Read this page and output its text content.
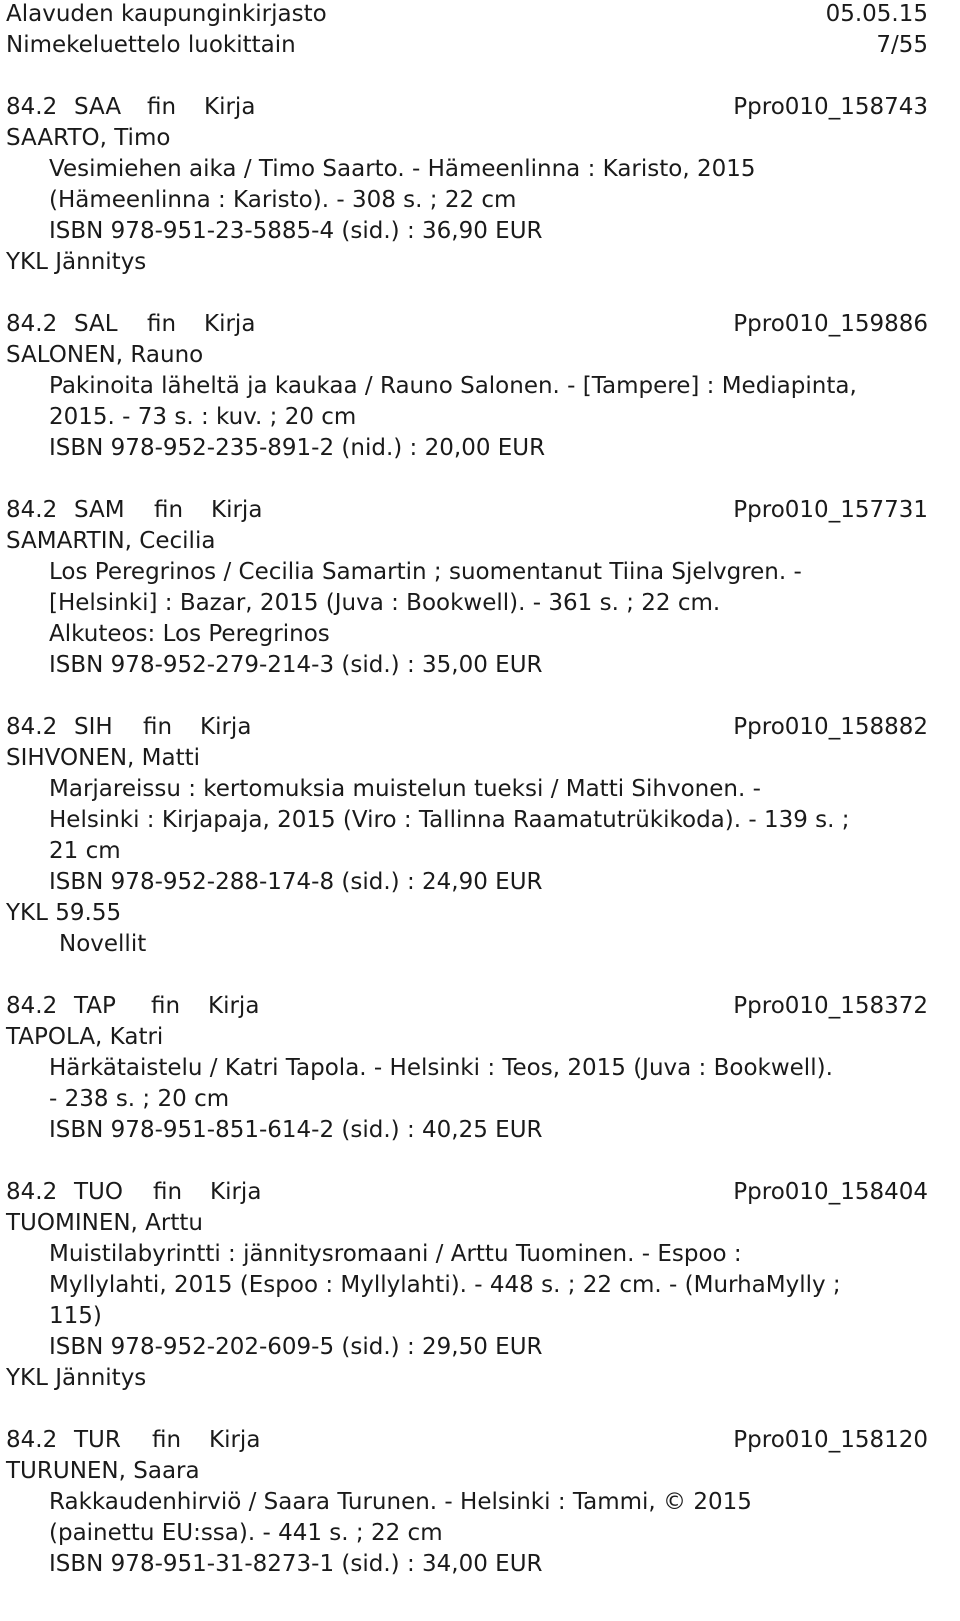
Alavuden kaupunginkirjasto	05.05.15
Nimekeluettelo luokittain	7/55
84.2 SAA fin Kirja	Ppro010_158743
SAARTO, Timo
Vesimiehen aika / Timo Saarto. - Hämeenlinna : Karisto, 2015
(Hämeenlinna : Karisto). - 308 s. ; 22 cm
ISBN 978-951-23-5885-4 (sid.) : 36,90 EUR
YKL Jännitys
84.2 SAL fin Kirja	Ppro010_159886
SALONEN, Rauno
Pakinoita läheltä ja kaukaa / Rauno Salonen. - [Tampere] : Mediapinta,
2015. - 73 s. : kuv. ; 20 cm
ISBN 978-952-235-891-2 (nid.) : 20,00 EUR
84.2 SAM fin Kirja	Ppro010_157731
SAMARTIN, Cecilia
Los Peregrinos / Cecilia Samartin ; suomentanut Tiina Sjelvgren. -
[Helsinki] : Bazar, 2015 (Juva : Bookwell). - 361 s. ; 22 cm.
Alkuteos: Los Peregrinos
ISBN 978-952-279-214-3 (sid.) : 35,00 EUR
84.2 SIH fin Kirja	Ppro010_158882
SIHVONEN, Matti
Marjareissu : kertomuksia muistelun tueksi / Matti Sihvonen. -
Helsinki : Kirjapaja, 2015 (Viro : Tallinna Raamatutrükikoda). - 139 s. ;
21 cm
ISBN 978-952-288-174-8 (sid.) : 24,90 EUR
YKL 59.55
Novellit
84.2 TAP fin Kirja	Ppro010_158372
TAPOLA, Katri
Härkätaistelu / Katri Tapola. - Helsinki : Teos, 2015 (Juva : Bookwell).
- 238 s. ; 20 cm
ISBN 978-951-851-614-2 (sid.) : 40,25 EUR
84.2 TUO fin Kirja	Ppro010_158404
TUOMINEN, Arttu
Muistilabyrintti : jännitysromaani / Arttu Tuominen. - Espoo :
Myllylahti, 2015 (Espoo : Myllylahti). - 448 s. ; 22 cm. - (MurhaMylly ;
115)
ISBN 978-952-202-609-5 (sid.) : 29,50 EUR
YKL Jännitys
84.2 TUR fin Kirja	Ppro010_158120
TURUNEN, Saara
Rakkaudenhirviö / Saara Turunen. - Helsinki : Tammi, © 2015
(painettu EU:ssa). - 441 s. ; 22 cm
ISBN 978-951-31-8273-1 (sid.) : 34,00 EUR
